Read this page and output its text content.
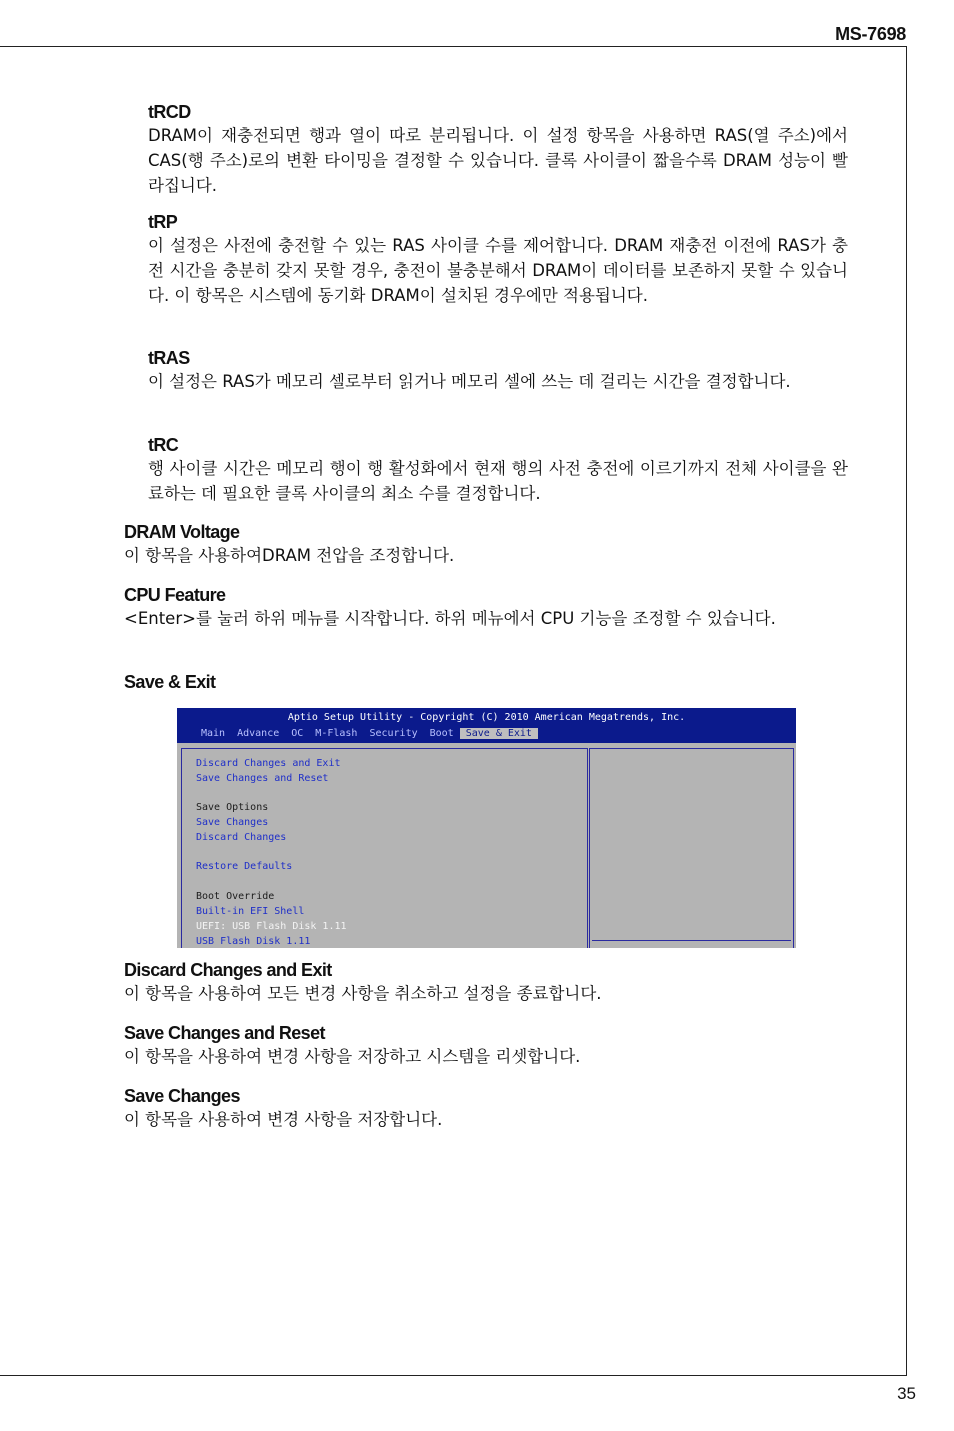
MS-7698
35

tRCD

DRAM이 재충전되면 행과 열이 따로 분리됩니다. 이 설정 항목을 사용하면 RAS(열 주소)에서 CAS(행 주소)로의 변환 타이밍을 결정할 수 있습니다. 클록 사이클이 짧을수록 DRAM 성능이 빨라집니다.

tRP

이 설정은 사전에 충전할 수 있는 RAS 사이클 수를 제어합니다. DRAM 재충전 이전에 RAS가 충전 시간을 충분히 갖지 못할 경우, 충전이 불충분해서 DRAM이 데이터를 보존하지 못할 수 있습니다. 이 항목은 시스템에 동기화 DRAM이 설치된 경우에만 적용됩니다.

tRAS

이 설정은 RAS가 메모리 셀로부터 읽거나 메모리 셀에 쓰는 데 걸리는 시간을 결정합니다.

tRC

행 사이클 시간은 메모리 행이 행 활성화에서 현재 행의 사전 충전에 이르기까지 전체 사이클을 완료하는 데 필요한 클록 사이클의 최소 수를 결정합니다.

DRAM Voltage

이 항목을 사용하여DRAM 전압을 조정합니다.

CPU Feature

<Enter>를 눌러 하위 메뉴를 시작합니다. 하위 메뉴에서 CPU 기능을 조정할 수 있습니다.

Save & Exit

Aptio Setup Utility - Copyright (C) 2010 American Megatrends, Inc.
Main	Advance	OC	M-Flash	Security	Boot	Save & Exit
Discard Changes and Exit
Save Changes and Reset
Save Options
Save Changes
Discard Changes
Restore Defaults
Boot Override
Built-in EFI Shell
UEFI: USB Flash Disk 1.11
USB Flash Disk 1.11

Discard Changes and Exit

이 항목을 사용하여 모든 변경 사항을 취소하고 설정을 종료합니다.

Save Changes and Reset

이 항목을 사용하여 변경 사항을 저장하고 시스템을 리셋합니다.

Save Changes

이 항목을 사용하여 변경 사항을 저장합니다.
